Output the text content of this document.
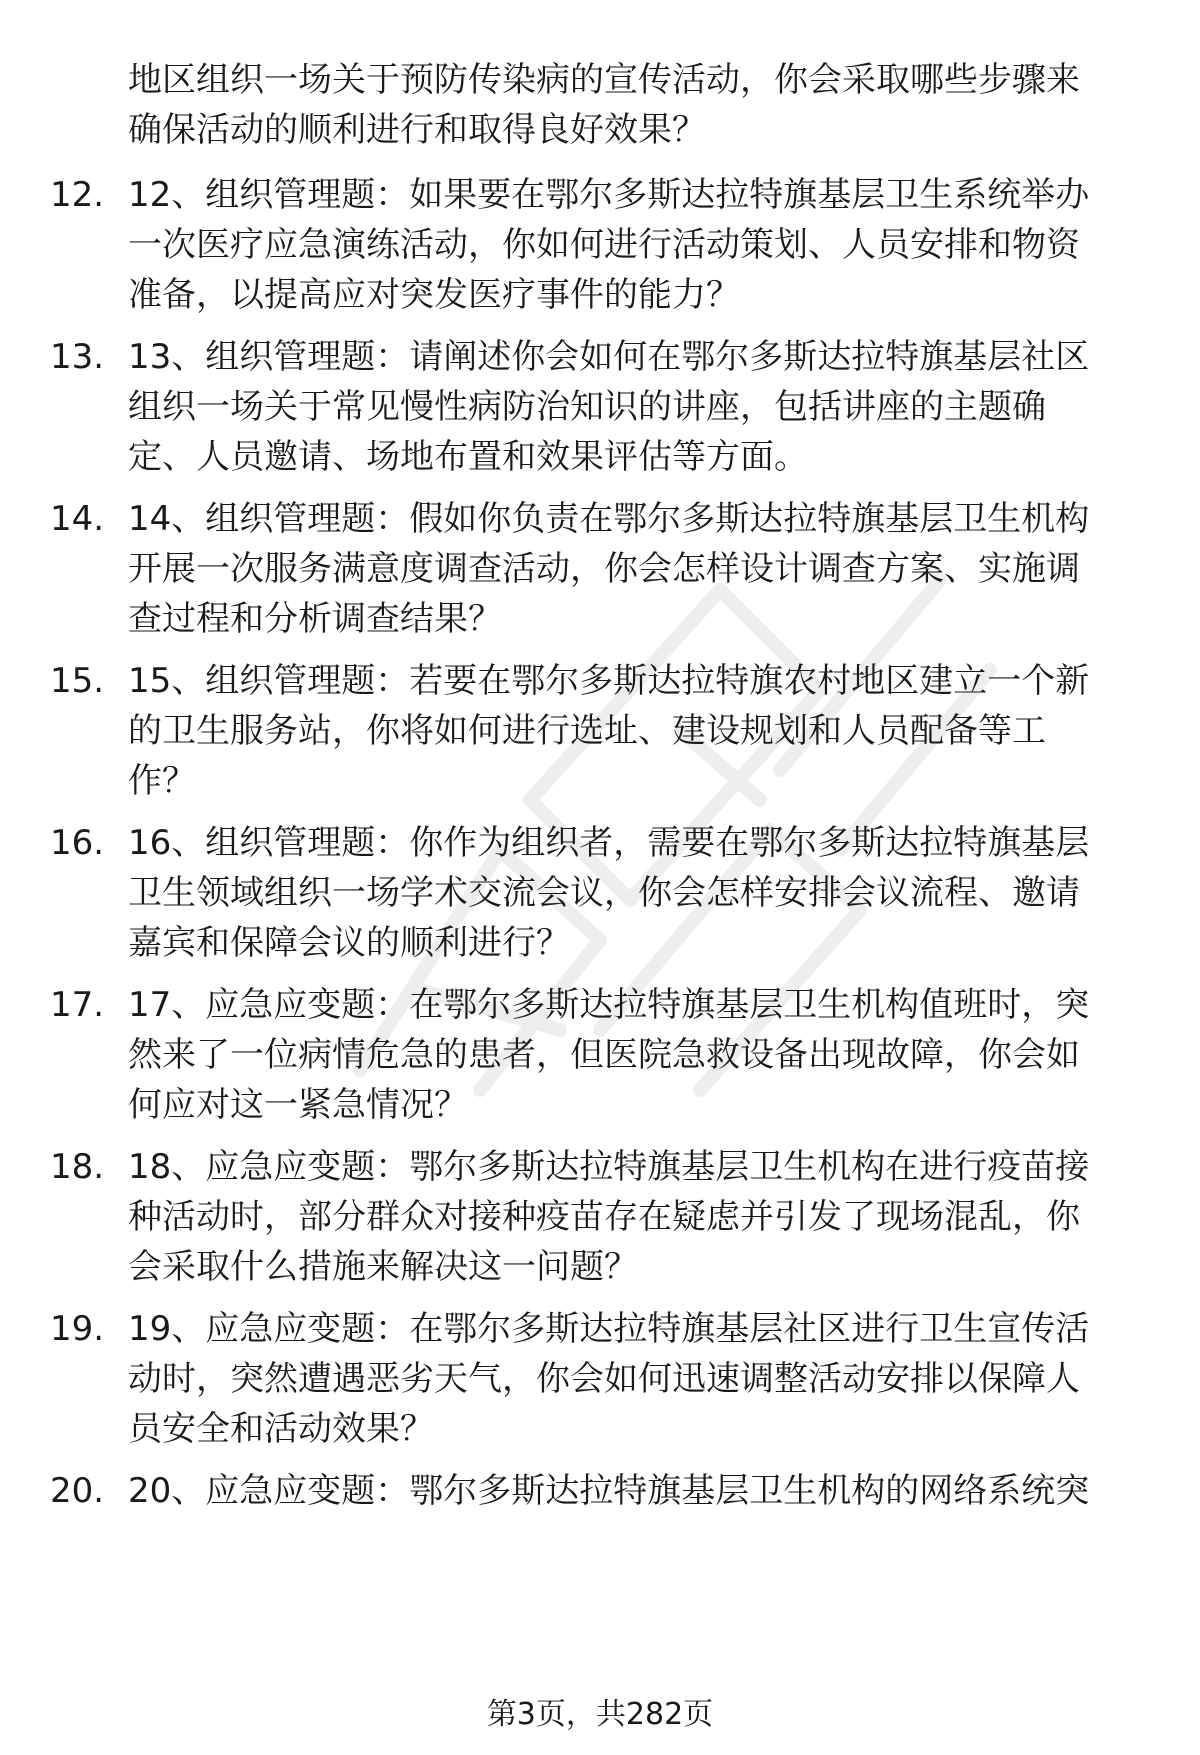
地区组织一场关于预防传染病的宣传活动，你会采取哪些步骤来
确保活动的顺利进行和取得良好效果？
12. 12、组织管理题：如果要在鄂尔多斯达拉特旗基层卫生系统举办
一次医疗应急演练活动，你如何进行活动策划、人员安排和物资
准备，以提高应对突发医疗事件的能力？
13. 13、组织管理题：请阐述你会如何在鄂尔多斯达拉特旗基层社区
组织一场关于常见慢性病防治知识的讲座，包括讲座的主题确
定、人员邀请、场地布置和效果评估等方面。
14. 14、组织管理题：假如你负责在鄂尔多斯达拉特旗基层卫生机构
开展一次服务满意度调查活动，你会怎样设计调查方案、实施调
查过程和分析调查结果？
15. 15、组织管理题：若要在鄂尔多斯达拉特旗农村地区建立一个新
的卫生服务站，你将如何进行选址、建设规划和人员配备等工
作？
16. 16、组织管理题：你作为组织者，需要在鄂尔多斯达拉特旗基层
卫生领域组织一场学术交流会议，你会怎样安排会议流程、邀请
嘉宾和保障会议的顺利进行？
17. 17、应急应变题：在鄂尔多斯达拉特旗基层卫生机构值班时，突
然来了一位病情危急的患者，但医院急救设备出现故障，你会如
何应对这一紧急情况？
18. 18、应急应变题：鄂尔多斯达拉特旗基层卫生机构在进行疫苗接
种活动时，部分群众对接种疫苗存在疑虑并引发了现场混乱，你
会采取什么措施来解决这一问题？
19. 19、应急应变题：在鄂尔多斯达拉特旗基层社区进行卫生宣传活
动时，突然遭遇恶劣天气，你会如何迅速调整活动安排以保障人
员安全和活动效果？
20. 20、应急应变题：鄂尔多斯达拉特旗基层卫生机构的网络系统突
第3页，共282页
